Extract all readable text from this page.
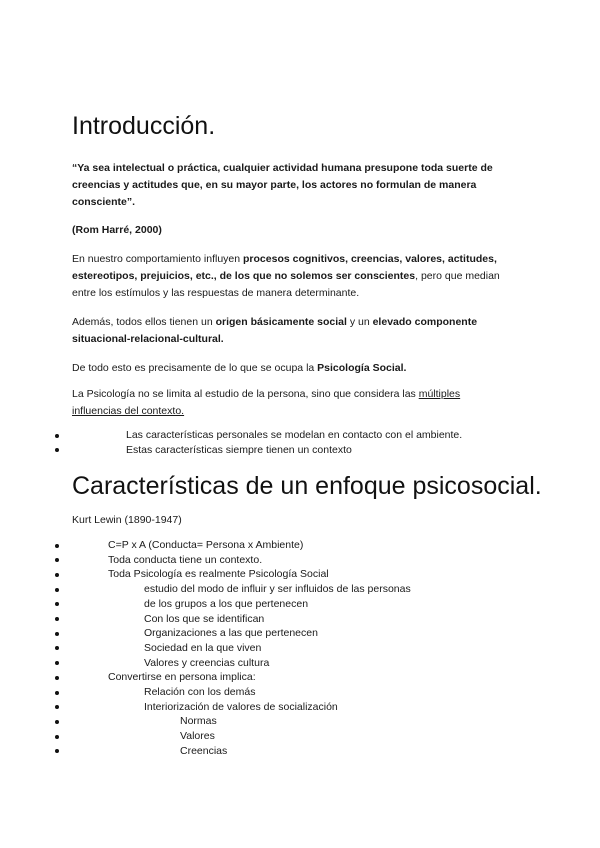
Introducción.

“Ya sea intelectual o práctica, cualquier actividad humana presupone toda suerte de creencias y actitudes que, en su mayor parte, los actores no formulan de manera consciente”.

(Rom Harré, 2000)

En nuestro comportamiento influyen procesos cognitivos, creencias, valores, actitudes, estereotipos, prejuicios, etc., de los que no solemos ser conscientes, pero que median entre los estímulos y las respuestas de manera determinante.

Además, todos ellos tienen un origen básicamente social y un elevado componente situacional-relacional-cultural.

De todo esto es precisamente de lo que se ocupa la Psicología Social.

La Psicología no se limita al estudio de la persona, sino que considera las múltiples influencias del contexto.

Las características personales se modelan en contacto con el ambiente.
Estas características siempre tienen un contexto
Características de un enfoque psicosocial.

Kurt Lewin (1890-1947)

C=P x A (Conducta= Persona x Ambiente)
Toda conducta tiene un contexto.
Toda Psicología es realmente Psicología Social
estudio del modo de influir y ser influidos de las personas
de los grupos a los que pertenecen
Con los que se identifican
Organizaciones a las que pertenecen
Sociedad en la que viven
Valores y creencias cultura
Convertirse en persona implica:
Relación con los demás
Interiorización de valores de socialización
Normas
Valores
Creencias
